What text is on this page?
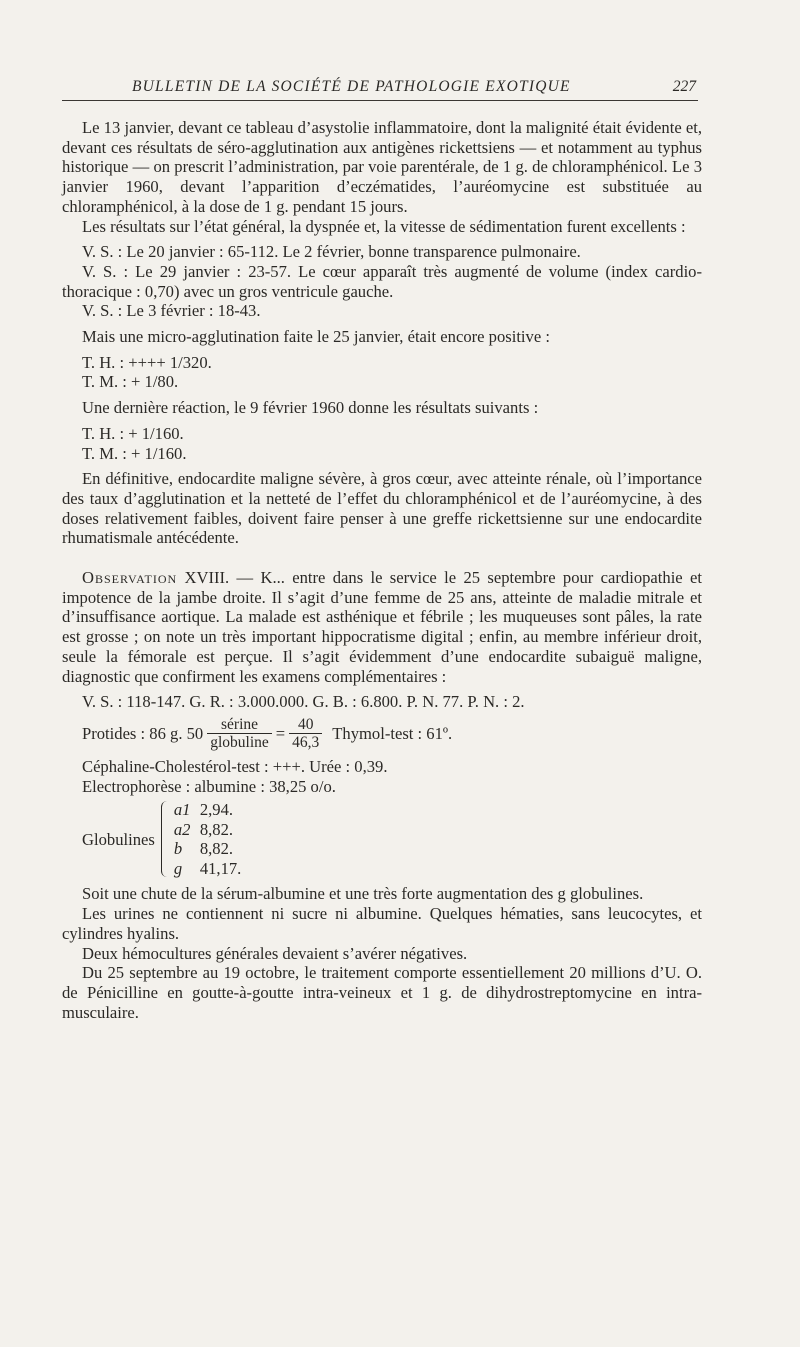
BULLETIN DE LA SOCIÉTÉ DE PATHOLOGIE EXOTIQUE	227

Le 13 janvier, devant ce tableau d’asystolie inflammatoire, dont la malignité était évidente et, devant ces résultats de séro-agglutination aux antigènes rickettsiens — et notamment au typhus historique — on prescrit l’administration, par voie parentérale, de 1 g. de chloramphénicol. Le 3 janvier 1960, devant l’apparition d’eczématides, l’auréomycine est substituée au chloramphénicol, à la dose de 1 g. pendant 15 jours.

Les résultats sur l’état général, la dyspnée et, la vitesse de sédimentation furent excellents :

V. S. : Le 20 janvier : 65-112. Le 2 février, bonne transparence pulmonaire.

V. S. : Le 29 janvier : 23-57. Le cœur apparaît très augmenté de volume (index cardio-thoracique : 0,70) avec un gros ventricule gauche.

V. S. : Le 3 février : 18-43.

Mais une micro-agglutination faite le 25 janvier, était encore positive :

T. H. : ++++ 1/320.
T. M. : + 1/80.

Une dernière réaction, le 9 février 1960 donne les résultats suivants :

T. H. : + 1/160.
T. M. : + 1/160.

En définitive, endocardite maligne sévère, à gros cœur, avec atteinte rénale, où l’importance des taux d’agglutination et la netteté de l’effet du chloramphénicol et de l’auréomycine, à des doses relativement faibles, doivent faire penser à une greffe rickettsienne sur une endocardite rhumatismale antécédente.

Observation XVIII. — K... entre dans le service le 25 septembre pour cardiopathie et impotence de la jambe droite. Il s’agit d’une femme de 25 ans, atteinte de maladie mitrale et d’insuffisance aortique. La malade est asthénique et fébrile ; les muqueuses sont pâles, la rate est grosse ; on note un très important hippocratisme digital ; enfin, au membre inférieur droit, seule la fémorale est perçue. Il s’agit évidemment d’une endocardite subaiguë maligne, diagnostic que confirment les examens complémentaires :

V. S. : 118-147. G. R. : 3.000.000. G. B. : 6.800. P. N. 77. P. N. : 2.
Protides : 86 g. $50 \frac{\text{sérine}}{\text{globuline}} = \frac{40}{46,3}$ Thymol-test : 61º.
Céphaline-Cholestérol-test : +++. Urée : 0,39.
Electrophorèse : albumine : 38,25 o/o.
Globulines
a1 2,94.
a2 8,82.
b 8,82.
g 41,17.

Soit une chute de la sérum-albumine et une très forte augmentation des g globulines.

Les urines ne contiennent ni sucre ni albumine. Quelques hématies, sans leucocytes, et cylindres hyalins.

Deux hémocultures générales devaient s’avérer négatives.

Du 25 septembre au 19 octobre, le traitement comporte essentiellement 20 millions d’U. O. de Pénicilline en goutte-à-goutte intra-veineux et 1 g. de dihydrostreptomycine en intra-musculaire.
